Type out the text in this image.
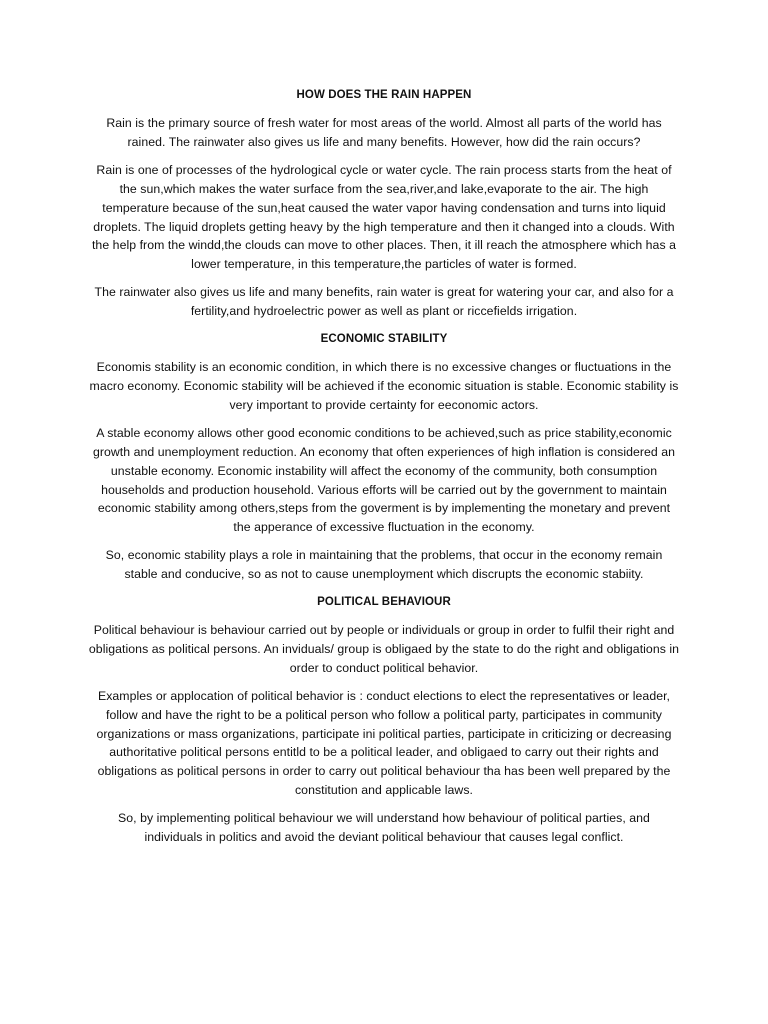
HOW DOES THE RAIN HAPPEN

Rain is the primary source of fresh water for most areas of the world. Almost all parts of the world has rained. The rainwater also gives us life and many benefits. However, how did the rain occurs?

Rain is one of processes of the hydrological cycle or water cycle. The rain process starts from the heat of the sun,which makes the water surface from the sea,river,and lake,evaporate to the air. The high temperature because of the sun,heat caused the water vapor having condensation and turns into liquid droplets. The liquid droplets getting heavy by the high temperature and then it changed into a clouds. With the help from the windd,the clouds can move to other places. Then, it ill reach the atmosphere which has a lower temperature, in this temperature,the particles of water is formed.

The rainwater also gives us life and many benefits, rain water is great for watering your car, and also for a fertility,and hydroelectric power as well as plant or riccefields irrigation.

ECONOMIC STABILITY

Economis stability is an economic condition, in which there is no excessive changes or fluctuations in the macro economy. Economic stability will be achieved if the economic situation is stable. Economic stability is very important to provide certainty for eeconomic actors.

A stable economy allows other good economic conditions to be achieved,such as price stability,economic growth and unemployment reduction. An economy that often experiences of high inflation is considered an unstable economy. Economic instability will affect the economy of the community, both consumption households and production household. Various efforts will be carried out by the government to maintain economic stability among others,steps from the goverment is by implementing the monetary and prevent the apperance of excessive fluctuation in the economy.

So, economic stability plays a role in maintaining that the problems, that occur in the economy remain stable and conducive, so as not to cause unemployment which discrupts the economic stabiity.

POLITICAL BEHAVIOUR

Political behaviour is behaviour carried out by people or individuals or group in order to fulfil their right and obligations as political persons. An inviduals/ group is obligaed by the state to do the right and obligations in order to conduct political behavior.

Examples or applocation of political behavior is : conduct elections to elect the representatives or leader, follow and have the right to be a political person who follow a political party, participates in community organizations or mass organizations, participate ini political parties, participate in criticizing or decreasing authoritative political persons entitld to be a political leader, and obligaed to carry out their rights and obligations as political persons in order to carry out political behaviour tha has been well prepared by the constitution and applicable laws.

So, by implementing political behaviour we will understand how behaviour of political parties, and individuals in politics and avoid the deviant political behaviour that causes legal conflict.
